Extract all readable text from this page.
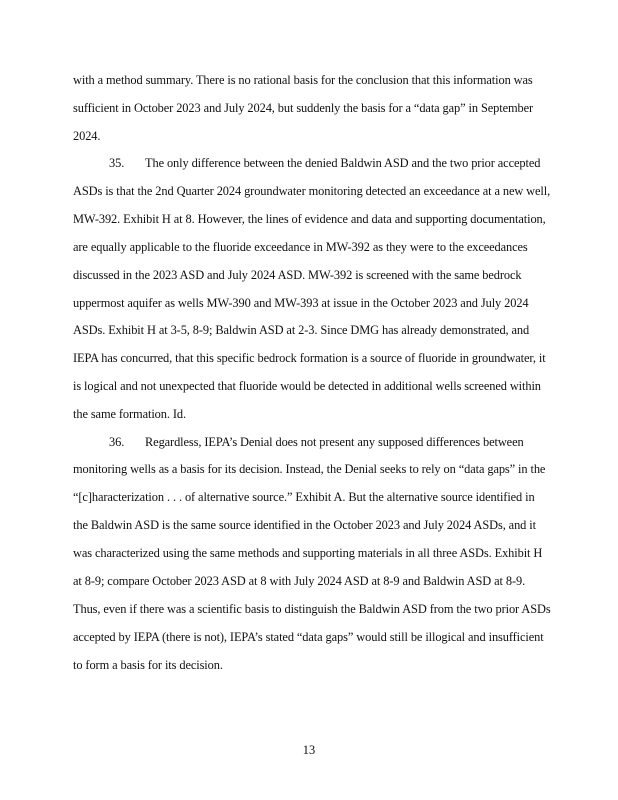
with a method summary. There is no rational basis for the conclusion that this information was
sufficient in October 2023 and July 2024, but suddenly the basis for a “data gap” in September
2024.
35.	The only difference between the denied Baldwin ASD and the two prior accepted
ASDs is that the 2nd Quarter 2024 groundwater monitoring detected an exceedance at a new well,
MW-392. Exhibit H at 8. However, the lines of evidence and data and supporting documentation,
are equally applicable to the fluoride exceedance in MW-392 as they were to the exceedances
discussed in the 2023 ASD and July 2024 ASD. MW-392 is screened with the same bedrock
uppermost aquifer as wells MW-390 and MW-393 at issue in the October 2023 and July 2024
ASDs. Exhibit H at 3-5, 8-9; Baldwin ASD at 2-3. Since DMG has already demonstrated, and
IEPA has concurred, that this specific bedrock formation is a source of fluoride in groundwater, it
is logical and not unexpected that fluoride would be detected in additional wells screened within
the same formation. Id.
36.	Regardless, IEPA’s Denial does not present any supposed differences between
monitoring wells as a basis for its decision. Instead, the Denial seeks to rely on “data gaps” in the
“[c]haracterization . . . of alternative source.” Exhibit A. But the alternative source identified in
the Baldwin ASD is the same source identified in the October 2023 and July 2024 ASDs, and it
was characterized using the same methods and supporting materials in all three ASDs. Exhibit H
at 8-9; compare October 2023 ASD at 8 with July 2024 ASD at 8-9 and Baldwin ASD at 8-9.
Thus, even if there was a scientific basis to distinguish the Baldwin ASD from the two prior ASDs
accepted by IEPA (there is not), IEPA’s stated “data gaps” would still be illogical and insufficient
to form a basis for its decision.
13
